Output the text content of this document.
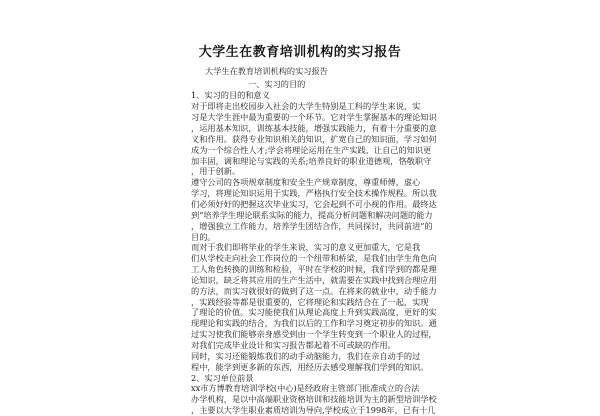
大学生在教育培训机构的实习报告
大学生在教育培训机构的实习报告
一、实习的目的
1、实习的目的和意义
对于即将走出校园步入社会的大学生特别是工科的学生来说，实
习是大学生涯中最为重要的一个环节。它对学生掌握基本的理论知识
，运用基本知识，训练基本技能，增强实践能力，有着十分重要的意
义和作用。获得专业知识相关的知识，扩宽自己的知识面，学习如何
成为一个综合性人才;学会将理论运用在生产实践，让自己的知识更
加丰固，调和理论与实践的关系;培养良好的职业道德观，恪敬职守
，用于创新。
遵守公司的各项规章制度和安全生产规章制度，尊重师傅，虚心
学习，将理论知识运用于实践，严格执行安全技术操作规程。所以我
们必须好好的把握这次毕业实习，它会起到不可小视的作用。最终达
到“培养学生理论联系实际的能力，提高分析问题和解决问题的能力
，增强独立工作能力，培养学生团结合作，共同探讨，共同前进”的
目的。
而对于我们即将毕业的学生来说，实习的意义更加重大，它是我
们从学校走向社会工作岗位的一个纽带和桥梁，是我们由学生角色向
工人角色转换的训练和检验，平时在学校的时候，我们学到的都是理
论知识，缺乏将其应用的生产生活中，就需要在实践中找到合理应用
的方法，而实习就很好的做到了这一点。在将来的就业中，动手能力
，实践经验等都是很重要的，它将理论和实践结合在了一起，实现
了理论的价值。实习能使我们从理论高度上升到实践高度，更好的实
现理论和实践的结合，为我们以后的工作和学习奠定初步的知识。通
过实习使我们能够亲身感受到由一个学生转变到一个职业人的过程，
对我们完成毕业设计和实习报告都起着不可或缺的作用。
同时，实习还能锻炼我们的动手动脑能力，我们在亲自动手的过
程中，能学到更多新的东西，用经历去感受理解我们学到的知识。
2、实习单位前景
xx市方博教育培训学校(中心)是经政府主管部门批准成立的合法
办学机构，是以中高端职业资格培训和技能培训为主的新型培训学校
，主要以大学生职业素质培训为导向,学校成立于1998年，已有十几
